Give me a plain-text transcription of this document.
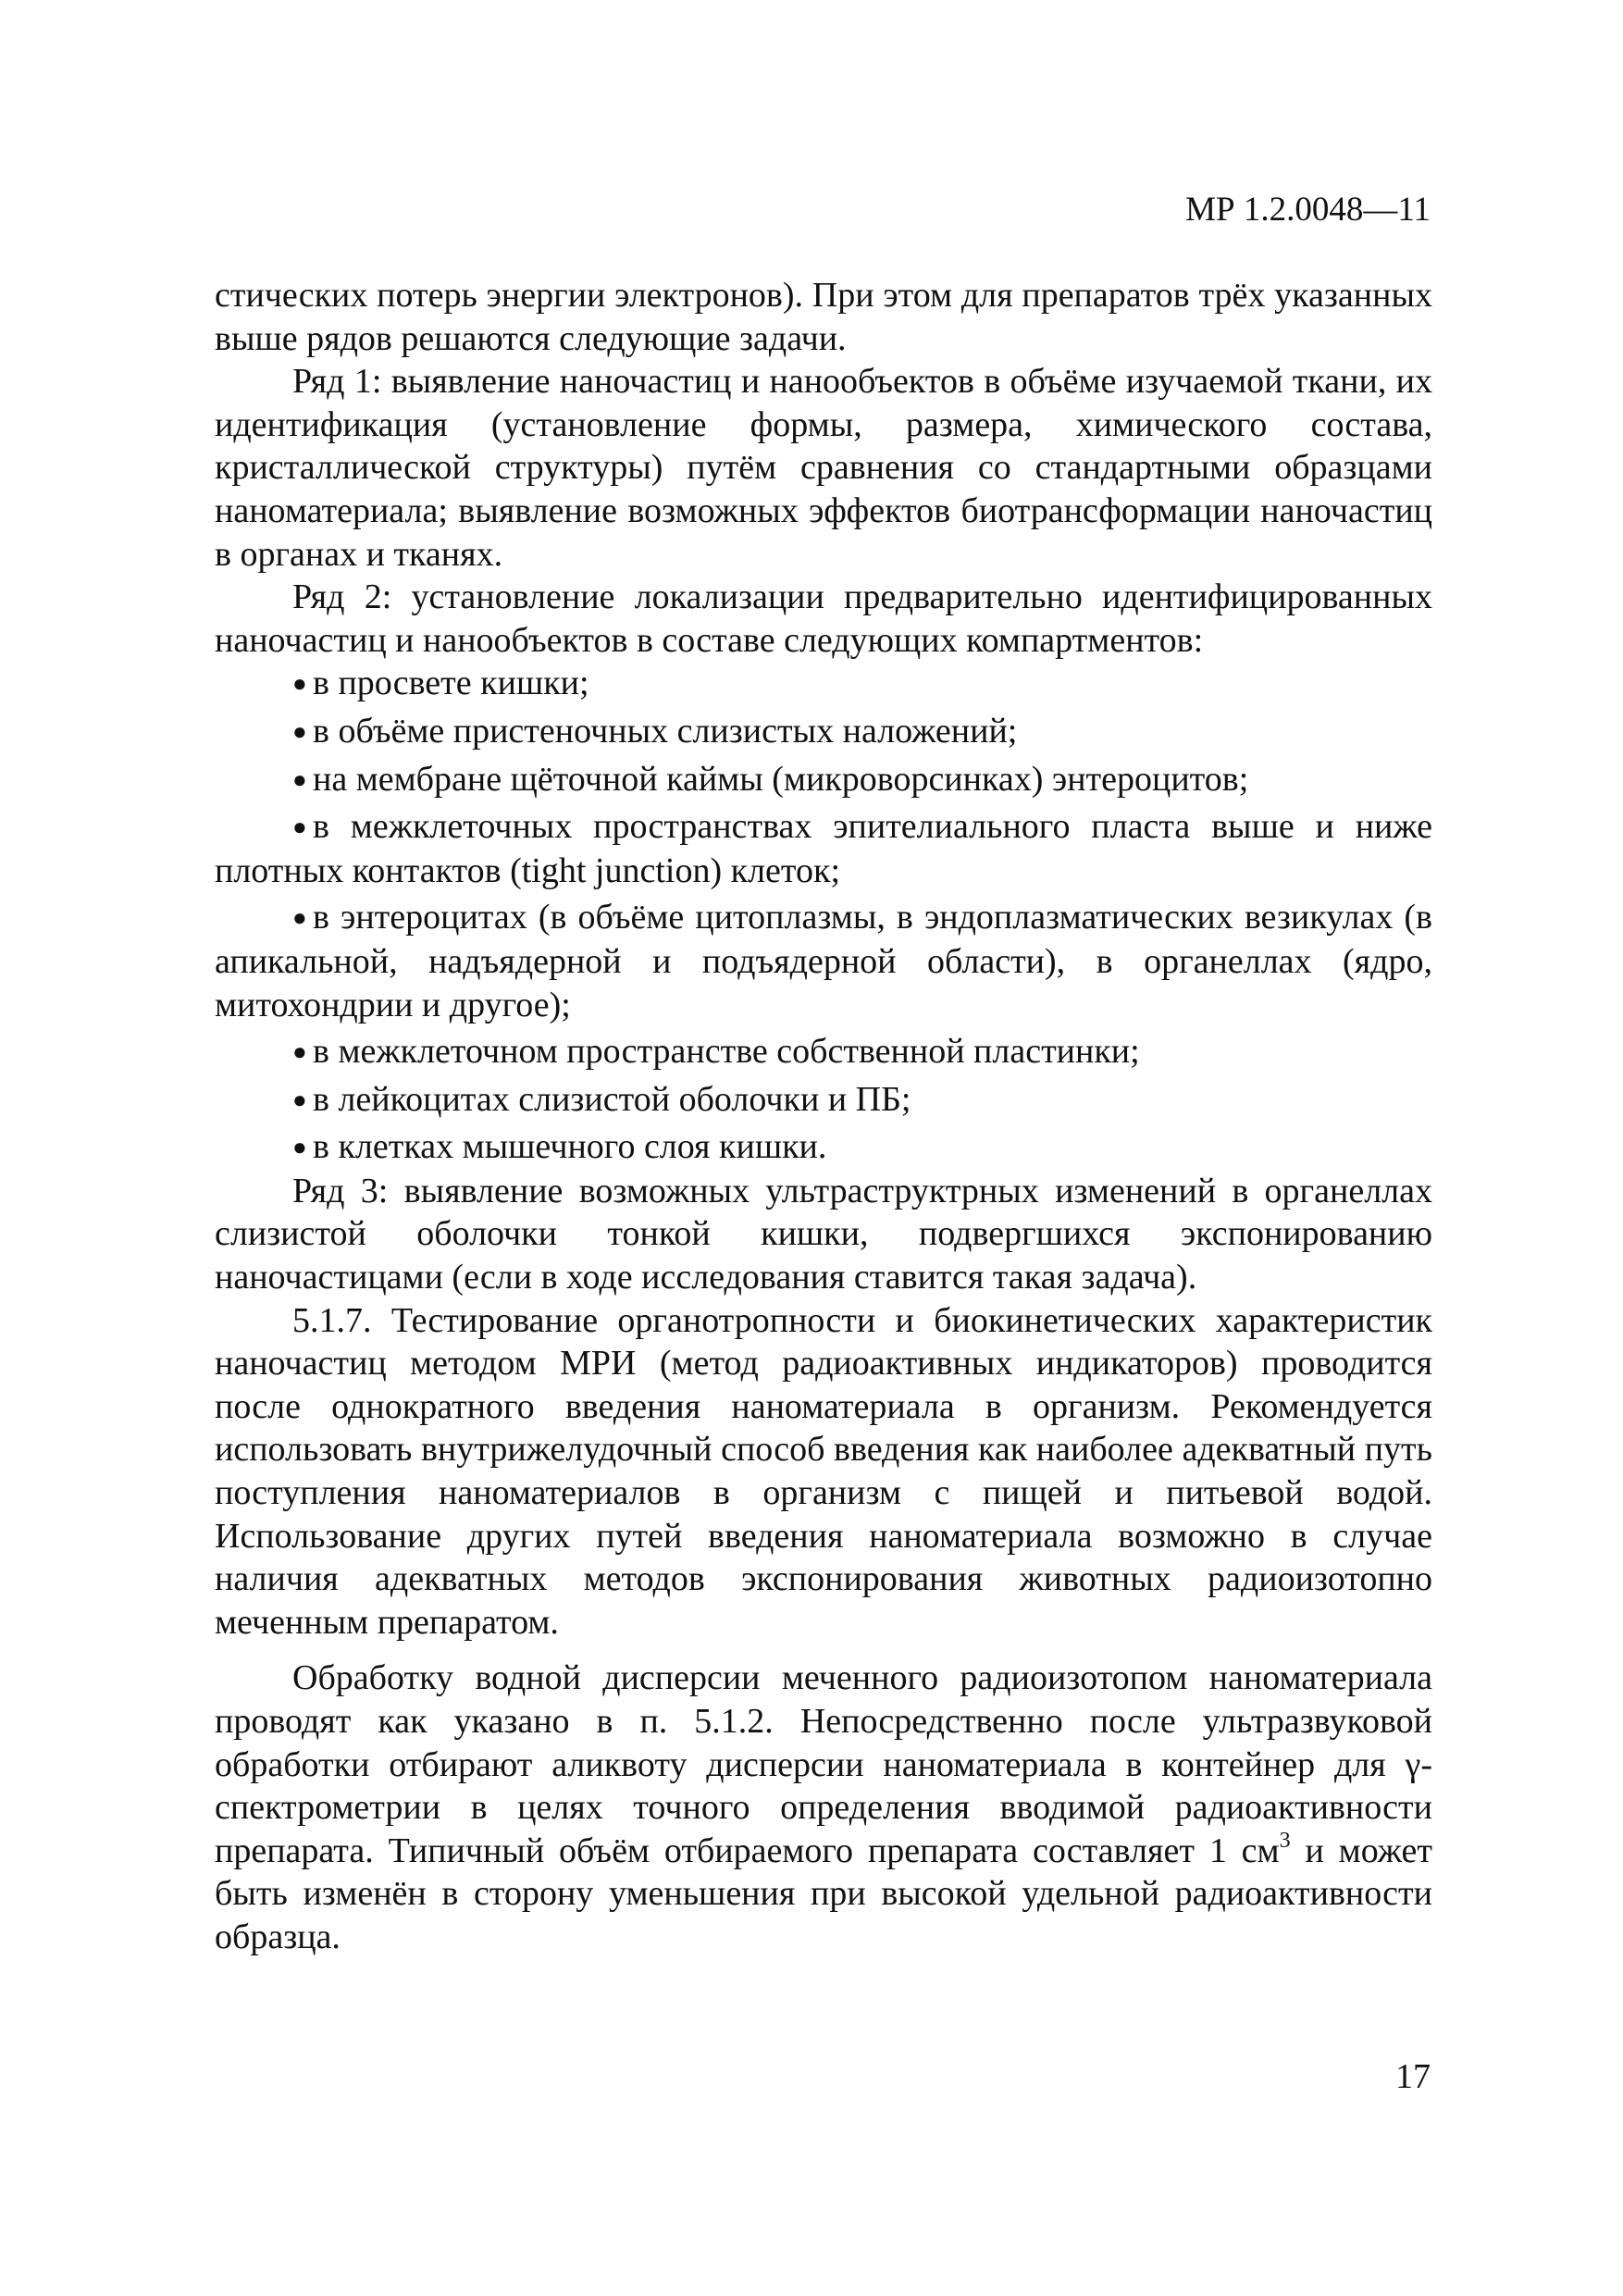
МР 1.2.0048—11

стических потерь энергии электронов). При этом для препаратов трёх указанных выше рядов решаются следующие задачи.

Ряд 1: выявление наночастиц и нанообъектов в объёме изучаемой ткани, их идентификация (установление формы, размера, химического состава, кристаллической структуры) путём сравнения со стандартными образцами наноматериала; выявление возможных эффектов биотрансформации наночастиц в органах и тканях.

Ряд 2: установление локализации предварительно идентифицированных наночастиц и нанообъектов в составе следующих компартментов:

● в просвете кишки;
● в объёме пристеночных слизистых наложений;
● на мембране щёточной каймы (микроворсинках) энтероцитов;
● в межклеточных пространствах эпителиального пласта выше и ниже плотных контактов (tight junction) клеток;
● в энтероцитах (в объёме цитоплазмы, в эндоплазматических везикулах (в апикальной, надъядерной и подъядерной области), в органеллах (ядро, митохондрии и другое);
● в межклеточном пространстве собственной пластинки;
● в лейкоцитах слизистой оболочки и ПБ;
● в клетках мышечного слоя кишки.

Ряд 3: выявление возможных ультраструктрных изменений в органеллах слизистой оболочки тонкой кишки, подвергшихся экспонированию наночастицами (если в ходе исследования ставится такая задача).

5.1.7. Тестирование органотропности и биокинетических характеристик наночастиц методом МРИ (метод радиоактивных индикаторов) проводится после однократного введения наноматериала в организм. Рекомендуется использовать внутрижелудочный способ введения как наиболее адекватный путь поступления наноматериалов в организм с пищей и питьевой водой. Использование других путей введения наноматериала возможно в случае наличия адекватных методов экспонирования животных радиоизотопно меченным препаратом.

Обработку водной дисперсии меченного радиоизотопом наноматериала проводят как указано в п. 5.1.2. Непосредственно после ультразвуковой обработки отбирают аликвоту дисперсии наноматериала в контейнер для γ-спектрометрии в целях точного определения вводимой радиоактивности препарата. Типичный объём отбираемого препарата составляет 1 $см^3$ и может быть изменён в сторону уменьшения при высокой удельной радиоактивности образца.

17
